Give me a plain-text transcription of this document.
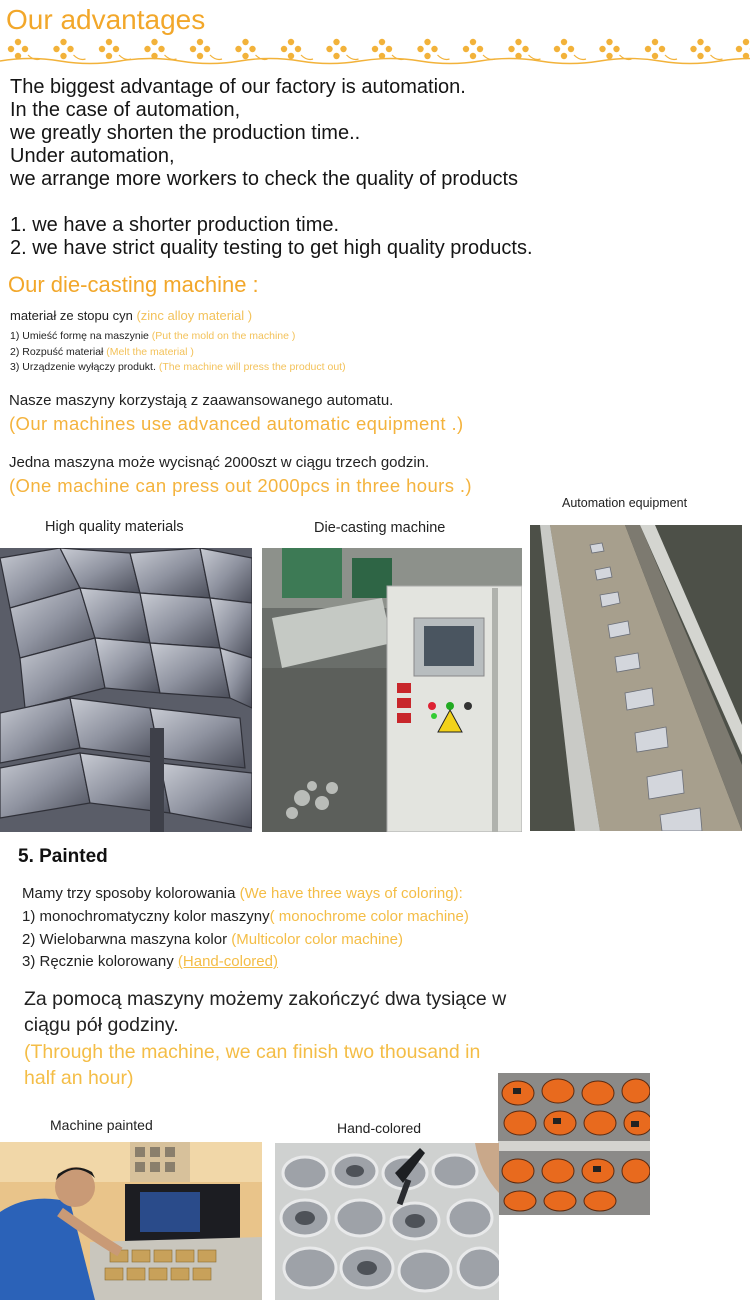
Our advantages
The biggest advantage of our factory is automation.
In the case of automation,
we greatly shorten the production time..
Under automation,
we arrange more workers to check the quality of products
1. we have a shorter production time.
2. we have strict quality testing to get high quality products.
Our die-casting machine :
materiał ze stopu cyn (zinc alloy material )
1) Umieść formę na maszynie (Put the mold on the machine )
2) Rozpuść materiał (Melt the material )
3) Urządzenie wyłączy produkt. (The machine will press the product out)
Nasze maszyny korzystają z zaawansowanego automatu.
(Our machines use advanced automatic equipment .)
Jedna maszyna może wycisnąć 2000szt w ciągu trzech godzin.
(One machine can press out 2000pcs in three hours .)
High quality materials	Die-casting machine
Automation equipment
5. Painted
Mamy trzy sposoby kolorowania (We have three ways of coloring):
1) monochromatyczny kolor maszyny( monochrome color machine)
2) Wielobarwna maszyna kolor (Multicolor color machine)
3) Ręcznie kolorowany (Hand-colored)
Za pomocą maszyny możemy zakończyć dwa tysiące w
ciągu pół godziny.
(Through the machine, we can finish two thousand in
half an hour)
Machine painted	Hand-colored
